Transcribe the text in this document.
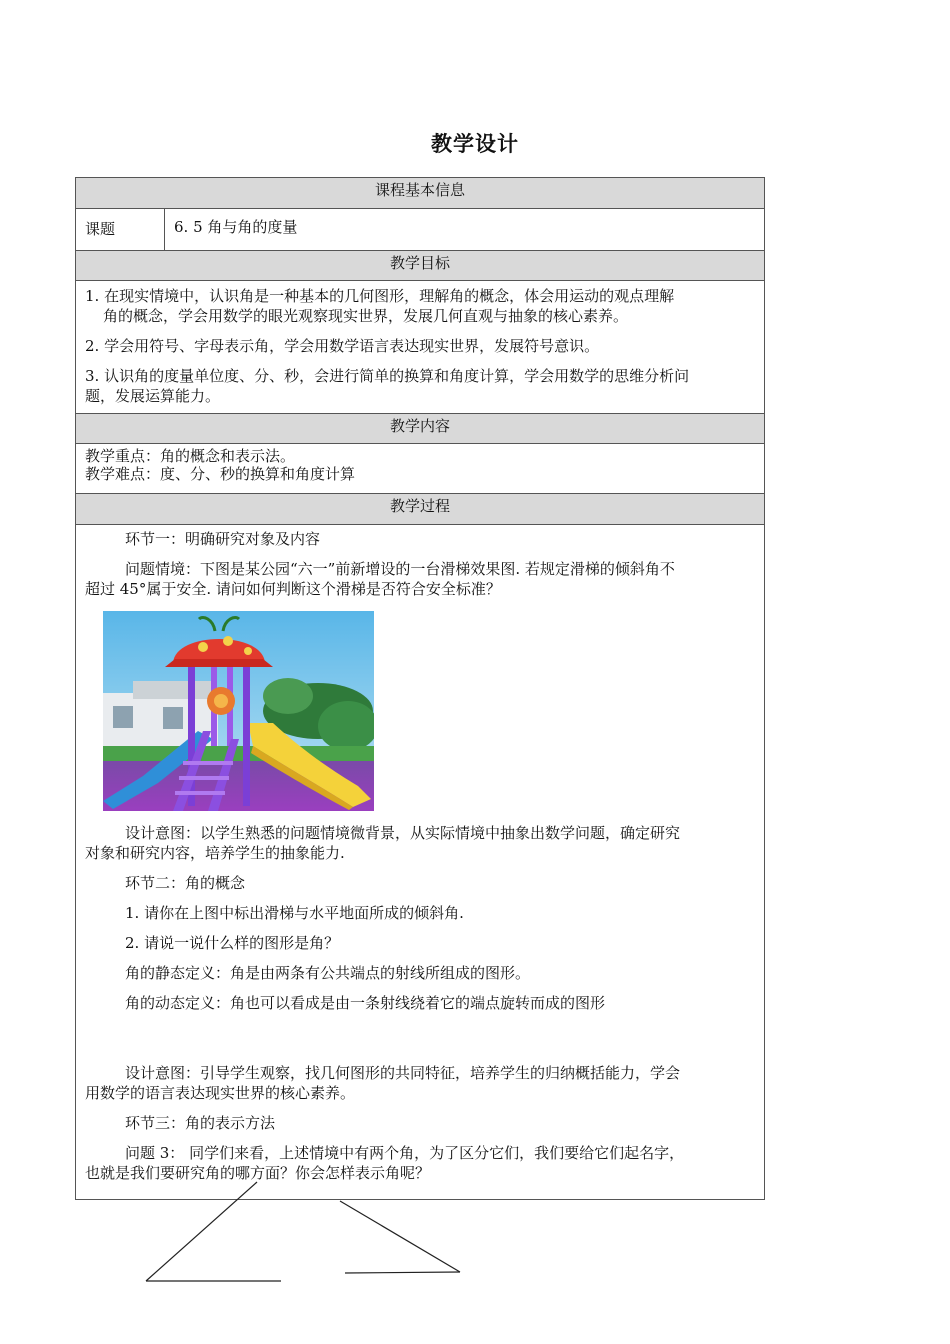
教学设计
课程基本信息
课题	6. 5 角与角的度量
教学目标

1. 在现实情境中，认识角是一种基本的几何图形，理解角的概念，体会用运动的观点理解

角的概念，学会用数学的眼光观察现实世界，发展几何直观与抽象的核心素养。

2. 学会用符号、字母表示角，学会用数学语言表达现实世界，发展符号意识。

3. 认识角的度量单位度、分、秒，会进行简单的换算和角度计算，学会用数学的思维分析问

题，发展运算能力。

教学内容

教学重点：角的概念和表示法。

教学难点：度、分、秒的换算和角度计算

教学过程

环节一：明确研究对象及内容

问题情境：下图是某公园“六一”前新增设的一台滑梯效果图. 若规定滑梯的倾斜角不

超过 45°属于安全. 请问如何判断这个滑梯是否符合安全标准？

设计意图：以学生熟悉的问题情境微背景，从实际情境中抽象出数学问题，确定研究

对象和研究内容，培养学生的抽象能力.

环节二：角的概念

1. 请你在上图中标出滑梯与水平地面所成的倾斜角.

2. 请说一说什么样的图形是角？

角的静态定义：角是由两条有公共端点的射线所组成的图形。

角的动态定义：角也可以看成是由一条射线绕着它的端点旋转而成的图形

设计意图：引导学生观察，找几何图形的共同特征，培养学生的归纳概括能力，学会

用数学的语言表达现实世界的核心素养。

环节三：角的表示方法

问题 3： 同学们来看，上述情境中有两个角，为了区分它们，我们要给它们起名字，

也就是我们要研究角的哪方面？你会怎样表示角呢？
